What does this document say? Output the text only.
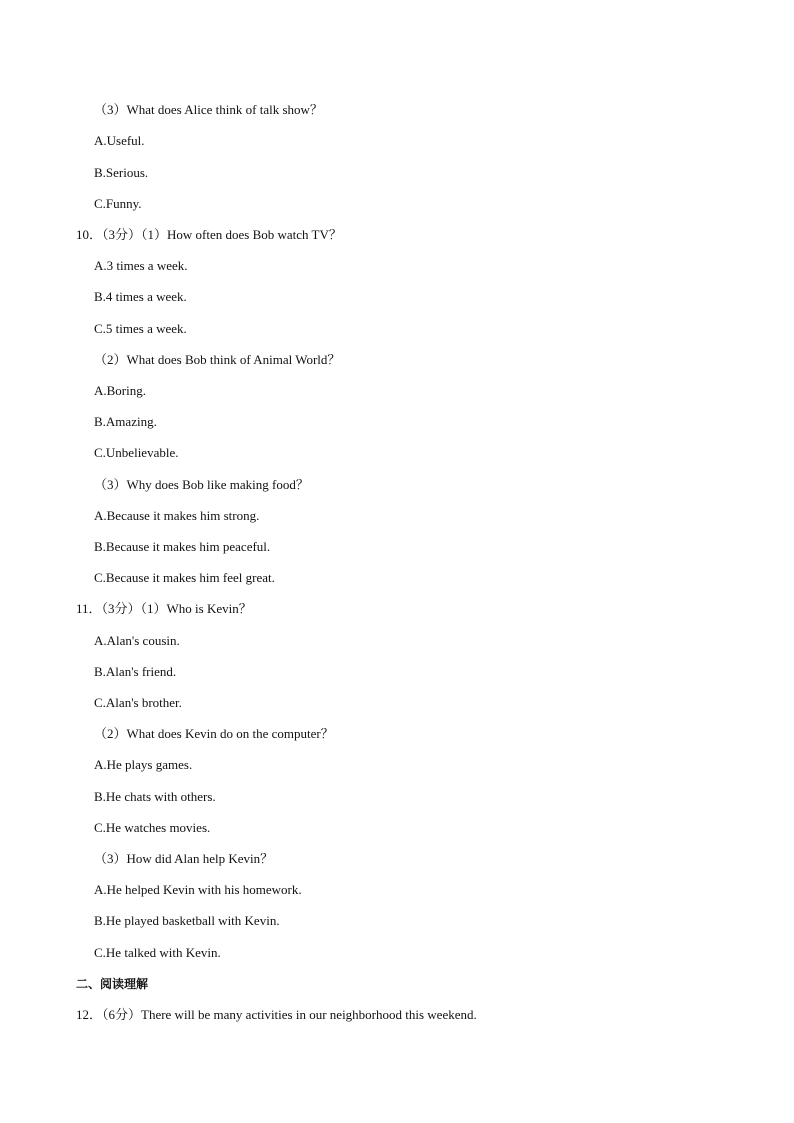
（3）What does Alice think of talk show？
A.Useful.
B.Serious.
C.Funny.
10．（3分）（1）How often does Bob watch TV？
A.3 times a week.
B.4 times a week.
C.5 times a week.
（2）What does Bob think of Animal World？
A.Boring.
B.Amazing.
C.Unbelievable.
（3）Why does Bob like making food？
A.Because it makes him strong.
B.Because it makes him peaceful.
C.Because it makes him feel great.
11．（3分）（1）Who is Kevin？
A.Alan's cousin.
B.Alan's friend.
C.Alan's brother.
（2）What does Kevin do on the computer？
A.He plays games.
B.He chats with others.
C.He watches movies.
（3）How did Alan help Kevin？
A.He helped Kevin with his homework.
B.He played basketball with Kevin.
C.He talked with Kevin.
二、阅读理解
12．（6分）There will be many activities in our neighborhood this weekend.
